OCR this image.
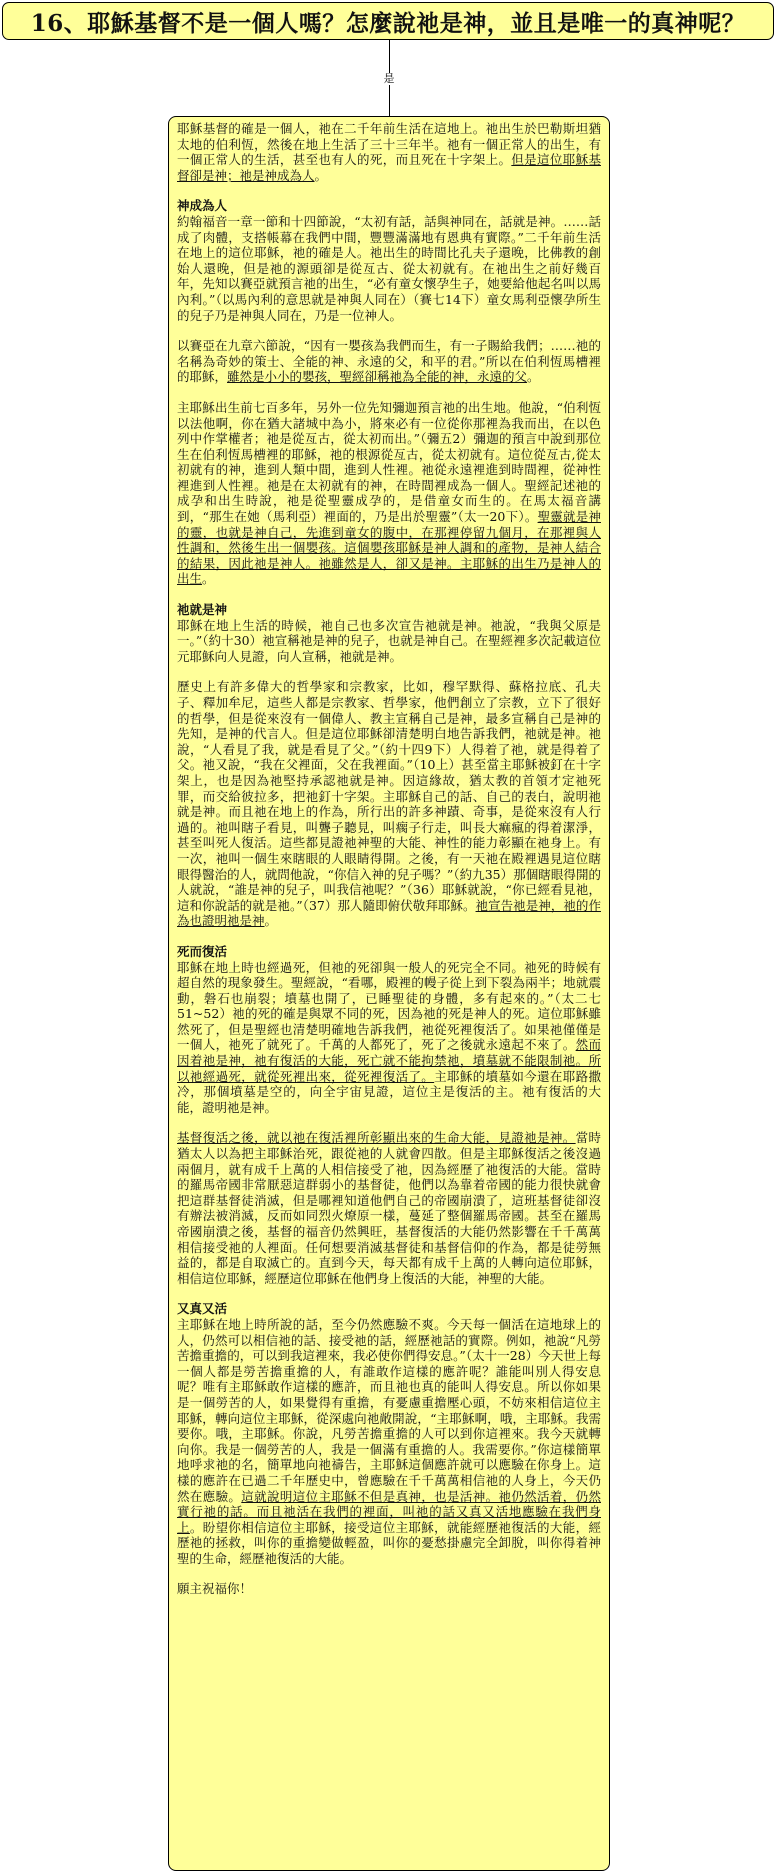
16、耶穌基督不是一個人嗎？怎麼說祂是神，並且是唯一的真神呢？
是
耶穌基督的確是一個人，祂在二千年前生活在這地上。祂出生於巴勒斯坦猶太地的伯利恆，然後在地上生活了三十三年半。祂有一個正常人的出生，有一個正常人的生活，甚至也有人的死，而且死在十字架上。但是這位耶穌基督卻是神；祂是神成為人。
神成為人
約翰福音一章一節和十四節說，“太初有話，話與神同在，話就是神。……話成了肉體，支搭帳幕在我們中間，豐豐滿滿地有恩典有實際。”二千年前生活在地上的這位耶穌，祂的確是人。祂出生的時間比孔夫子還晚，比佛教的創始人還晚，但是祂的源頭卻是從亙古、從太初就有。在祂出生之前好幾百年，先知以賽亞就預言祂的出生，“必有童女懷孕生子，她要給他起名叫以馬內利。”（以馬內利的意思就是神與人同在）（賽七14下）童女馬利亞懷孕所生的兒子乃是神與人同在，乃是一位神人。
以賽亞在九章六節說，“因有一嬰孩為我們而生，有一子賜給我們；……祂的名稱為奇妙的策士、全能的神、永遠的父，和平的君。”所以在伯利恆馬槽裡的耶穌，雖然是小小的嬰孩，聖經卻稱祂為全能的神，永遠的父。
主耶穌出生前七百多年，另外一位先知彌迦預言祂的出生地。他說，“伯利恆以法他啊，你在猶大諸城中為小，將來必有一位從你那裡為我而出，在以色列中作掌權者；祂是從亙古，從太初而出。”（彌五2）彌迦的預言中說到那位生在伯利恆馬槽裡的耶穌，祂的根源從亙古，從太初就有。這位從亙古,從太初就有的神，進到人類中間，進到人性裡。祂從永遠裡進到時間裡，從神性裡進到人性裡。祂是在太初就有的神，在時間裡成為一個人。聖經記述祂的成孕和出生時說，祂是從聖靈成孕的，是借童女而生的。在馬太福音講到，“那生在她（馬利亞）裡面的，乃是出於聖靈”（太一20下）。聖靈就是神的靈，也就是神自己，先進到童女的腹中，在那裡停留九個月，在那裡與人性調和，然後生出一個嬰孩。這個嬰孩耶穌是神人調和的產物，是神人結合的結果，因此祂是神人。祂雖然是人，卻又是神。主耶穌的出生乃是神人的出生。
祂就是神
耶穌在地上生活的時候，祂自己也多次宣告祂就是神。祂說，“我與父原是一。”（約十30）祂宣稱祂是神的兒子，也就是神自己。在聖經裡多次記載這位元耶穌向人見證，向人宣稱，祂就是神。
歷史上有許多偉大的哲學家和宗教家，比如，穆罕默得、蘇格拉底、孔夫子、釋加牟尼，這些人都是宗教家、哲學家，他們創立了宗教，立下了很好的哲學，但是從來沒有一個偉人、教主宣稱自己是神，最多宣稱自己是神的先知，是神的代言人。但是這位耶穌卻清楚明白地告訴我們，祂就是神。祂說，“人看見了我，就是看見了父。”（約十四9下）人得着了祂，就是得着了父。祂又說，“我在父裡面，父在我裡面。”（10上）甚至當主耶穌被釘在十字架上，也是因為祂堅持承認祂就是神。因這緣故，猶太教的首領才定祂死罪，而交給彼拉多，把祂釘十字架。主耶穌自己的話、自己的表白，說明祂就是神。而且祂在地上的作為，所行出的許多神蹟、奇事，是從來沒有人行過的。祂叫瞎子看見，叫聾子聽見，叫瘸子行走，叫長大痲瘋的得着潔淨，甚至叫死人復活。這些都見證祂神聖的大能、神性的能力彰顯在祂身上。有一次，祂叫一個生來瞎眼的人眼睛得開。之後，有一天祂在殿裡遇見這位瞎眼得醫治的人，就問他說，“你信入神的兒子嗎？”（約九35）那個瞎眼得開的人就說，“誰是神的兒子，叫我信祂呢？”（36）耶穌就說，“你已經看見祂，這和你說話的就是祂。”（37）那人隨即俯伏敬拜耶穌。祂宣告祂是神，祂的作為也證明祂是神。
死而復活
耶穌在地上時也經過死，但祂的死卻與一般人的死完全不同。祂死的時候有超自然的現象發生。聖經說，“看哪，殿裡的幔子從上到下裂為兩半；地就震動，磐石也崩裂；墳墓也開了，已睡聖徒的身體，多有起來的。”（太二七51~52）祂的死的確是與眾不同的死，因為祂的死是神人的死。這位耶穌雖然死了，但是聖經也清楚明確地告訴我們，祂從死裡復活了。如果祂僅僅是一個人，祂死了就死了。千萬的人都死了，死了之後就永遠起不來了。然而因着祂是神，祂有復活的大能，死亡就不能拘禁祂，墳墓就不能限制祂。所以祂經過死，就從死裡出來，從死裡復活了。主耶穌的墳墓如今還在耶路撒冷，那個墳墓是空的，向全宇宙見證，這位主是復活的主。祂有復活的大能，證明祂是神。
基督復活之後，就以祂在復活裡所彰顯出來的生命大能，見證祂是神。當時猶太人以為把主耶穌治死，跟從祂的人就會四散。但是主耶穌復活之後沒過兩個月，就有成千上萬的人相信接受了祂，因為經歷了祂復活的大能。當時的羅馬帝國非常厭惡這群弱小的基督徒，他們以為靠着帝國的能力很快就會把這群基督徒消滅，但是哪裡知道他們自己的帝國崩潰了，這班基督徒卻沒有辦法被消滅，反而如同烈火燎原一樣，蔓延了整個羅馬帝國。甚至在羅馬帝國崩潰之後，基督的福音仍然興旺，基督復活的大能仍然影響在千千萬萬相信接受祂的人裡面。任何想要消滅基督徒和基督信仰的作為，都是徒勞無益的，都是自取滅亡的。直到今天，每天都有成千上萬的人轉向這位耶穌，相信這位耶穌，經歷這位耶穌在他們身上復活的大能，神聖的大能。
又真又活
主耶穌在地上時所說的話，至今仍然應驗不爽。今天每一個活在這地球上的人，仍然可以相信祂的話、接受祂的話，經歷祂話的實際。例如，祂說“凡勞苦擔重擔的，可以到我這裡來，我必使你們得安息。”（太十一28）今天世上每一個人都是勞苦擔重擔的人，有誰敢作這樣的應許呢？誰能叫別人得安息呢？唯有主耶穌敢作這樣的應許，而且祂也真的能叫人得安息。所以你如果是一個勞苦的人，如果覺得有重擔，有憂慮重擔壓心頭，不妨來相信這位主耶穌，轉向這位主耶穌，從深處向祂敞開說，“主耶穌啊，哦，主耶穌。我需要你。哦，主耶穌。你說，凡勞苦擔重擔的人可以到你這裡來。我今天就轉向你。我是一個勞苦的人，我是一個滿有重擔的人。我需要你。”你這樣簡單地呼求祂的名，簡單地向祂禱告，主耶穌這個應許就可以應驗在你身上。這樣的應許在已過二千年歷史中，曾應驗在千千萬萬相信祂的人身上，今天仍然在應驗。這就說明這位主耶穌不但是真神，也是活神。祂仍然活着，仍然實行祂的話。而且祂活在我們的裡面，叫祂的話又真又活地應驗在我們身上。盼望你相信這位主耶穌，接受這位主耶穌，就能經歷祂復活的大能，經歷祂的拯救，叫你的重擔變做輕盈，叫你的憂愁掛慮完全卸脫，叫你得着神聖的生命，經歷祂復活的大能。
願主祝福你！
